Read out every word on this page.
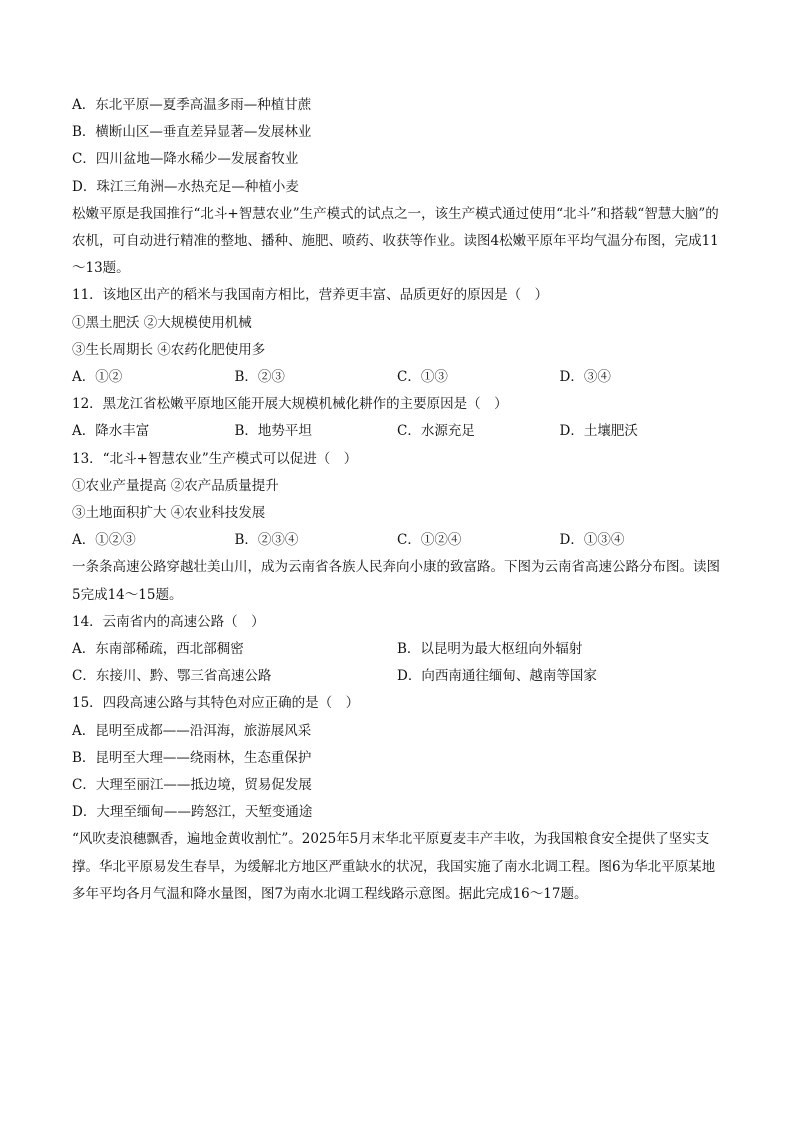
A．东北平原—夏季高温多雨—种植甘蔗
B．横断山区—垂直差异显著—发展林业
C．四川盆地—降水稀少—发展畜牧业
D．珠江三角洲—水热充足—种植小麦
松嫩平原是我国推行“北斗+智慧农业”生产模式的试点之一，该生产模式通过使用“北斗”和搭载“智慧大脑”的农机，可自动进行精准的整地、播种、施肥、喷药、收获等作业。读图4松嫩平原年平均气温分布图，完成11～13题。
11．该地区出产的稻米与我国南方相比，营养更丰富、品质更好的原因是（　）
①黑土肥沃 ②大规模使用机械
③生长周期长 ④农药化肥使用多
A．①②	B．②③	C．①③	D．③④
12．黑龙江省松嫩平原地区能开展大规模机械化耕作的主要原因是（　）
A．降水丰富	B．地势平坦	C．水源充足	D．土壤肥沃
13．“北斗+智慧农业”生产模式可以促进（　）
①农业产量提高 ②农产品质量提升
③土地面积扩大 ④农业科技发展
A．①②③	B．②③④	C．①②④	D．①③④
一条条高速公路穿越壮美山川，成为云南省各族人民奔向小康的致富路。下图为云南省高速公路分布图。读图5完成14～15题。
14．云南省内的高速公路（　）
A．东南部稀疏，西北部稠密	B．以昆明为最大枢纽向外辐射
C．东接川、黔、鄂三省高速公路	D．向西南通往缅甸、越南等国家
15．四段高速公路与其特色对应正确的是（　）
A．昆明至成都——沿洱海，旅游展风采
B．昆明至大理——绕雨林，生态重保护
C．大理至丽江——抵边境，贸易促发展
D．大理至缅甸——跨怒江，天堑变通途
“风吹麦浪穗飘香，遍地金黄收割忙”。2025年5月末华北平原夏麦丰产丰收，为我国粮食安全提供了坚实支撑。华北平原易发生春旱，为缓解北方地区严重缺水的状况，我国实施了南水北调工程。图6为华北平原某地多年平均各月气温和降水量图，图7为南水北调工程线路示意图。据此完成16～17题。
